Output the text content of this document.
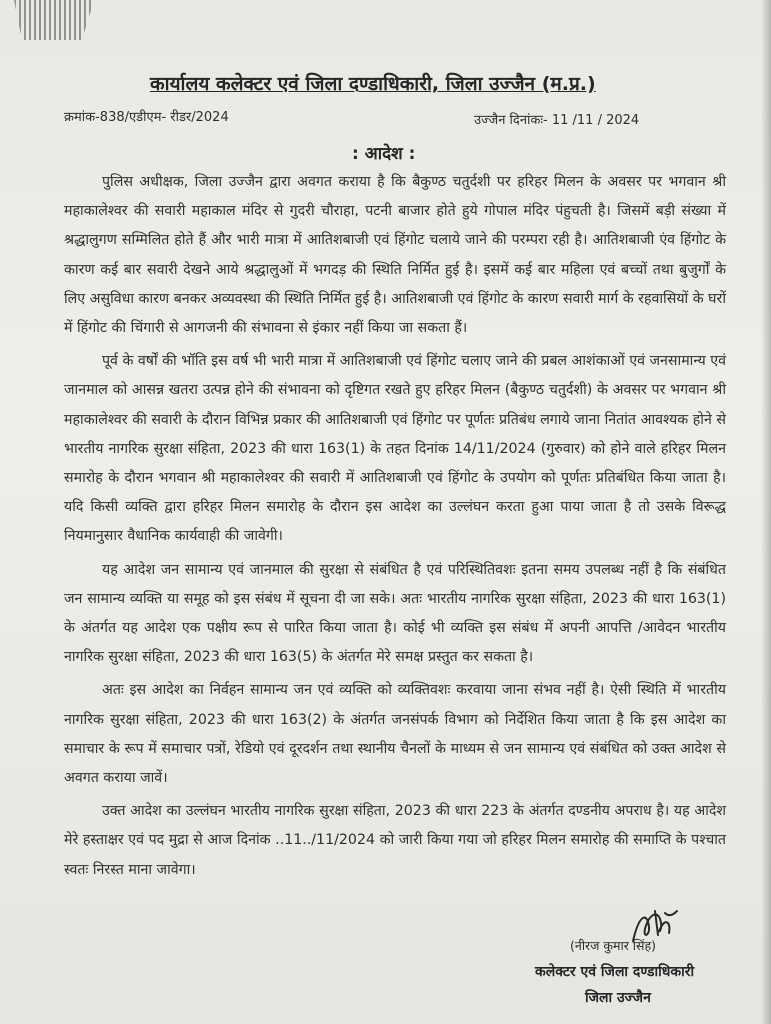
कार्यालय कलेक्टर एवं जिला दण्डाधिकारी, जिला उज्जैन (म.प्र.)
क्रमांक-838/एडीएम- रीडर/2024	उज्जैन दिनांकः- 11 /11 / 2024
: आदेश :

पुलिस अधीक्षक, जिला उज्जैन द्वारा अवगत कराया है कि बैकुण्ठ चतुर्दशी पर हरिहर मिलन के अवसर पर भगवान श्री महाकालेश्वर की सवारी महाकाल मंदिर से गुदरी चौराहा, पटनी बाजार होते हुये गोपाल मंदिर पंहुचती है। जिसमें बड़ी संख्या में श्रद्धालुगण सम्मिलित होते हैं और भारी मात्रा में आतिशबाजी एवं हिंगोट चलाये जाने की परम्परा रही है। आतिशबाजी एंव हिंगोट के कारण कई बार सवारी देखने आये श्रद्धालुओं में भगदड़ की स्थिति निर्मित हुई है। इसमें कई बार महिला एवं बच्चों तथा बुजुर्गों के लिए असुविधा कारण बनकर अव्यवस्था की स्थिति निर्मित हुई है। आतिशबाजी एवं हिंगोट के कारण सवारी मार्ग के रहवासियों के घरों में हिंगोट की चिंगारी से आगजनी की संभावना से इंकार नहीं किया जा सकता हैं।

पूर्व के वर्षों की भॉति इस वर्ष भी भारी मात्रा में आतिशबाजी एवं हिंगोट चलाए जाने की प्रबल आशंकाओं एवं जनसामान्य एवं जानमाल को आसन्न खतरा उत्पन्न होने की संभावना को दृष्टिगत रखते हुए हरिहर मिलन (बैकुण्ठ चतुर्दशी) के अवसर पर भगवान श्री महाकालेश्वर की सवारी के दौरान विभिन्न प्रकार की आतिशबाजी एवं हिंगोट पर पूर्णतः प्रतिबंध लगाये जाना नितांत आवश्यक होने से भारतीय नागरिक सुरक्षा संहिता, 2023 की धारा 163(1) के तहत दिनांक 14/11/2024 (गुरुवार) को होने वाले हरिहर मिलन समारोह के दौरान भगवान श्री महाकालेश्वर की सवारी में आतिशबाजी एवं हिंगोट के उपयोग को पूर्णतः प्रतिबंधित किया जाता है। यदि किसी व्यक्ति द्वारा हरिहर मिलन समारोह के दौरान इस आदेश का उल्लंघन करता हुआ पाया जाता है तो उसके विरूद्ध नियमानुसार वैधानिक कार्यवाही की जावेगी।

यह आदेश जन सामान्य एवं जानमाल की सुरक्षा से संबंधित है एवं परिस्थितिवशः इतना समय उपलब्ध नहीं है कि संबंधित जन सामान्य व्यक्ति या समूह को इस संबंध में सूचना दी जा सके। अतः भारतीय नागरिक सुरक्षा संहिता, 2023 की धारा 163(1) के अंतर्गत यह आदेश एक पक्षीय रूप से पारित किया जाता है। कोई भी व्यक्ति इस संबंध में अपनी आपत्ति /आवेदन भारतीय नागरिक सुरक्षा संहिता, 2023 की धारा 163(5) के अंतर्गत मेरे समक्ष प्रस्तुत कर सकता है।

अतः इस आदेश का निर्वहन सामान्य जन एवं व्यक्ति को व्यक्तिवशः करवाया जाना संभव नहीं है। ऐसी स्थिति में भारतीय नागरिक सुरक्षा संहिता, 2023 की धारा 163(2) के अंतर्गत जनसंपर्क विभाग को निर्देशित किया जाता है कि इस आदेश का समाचार के रूप में समाचार पत्रों, रेडियो एवं दूरदर्शन तथा स्थानीय चैनलों के माध्यम से जन सामान्य एवं संबंधित को उक्त आदेश से अवगत कराया जावें।

उक्त आदेश का उल्लंघन भारतीय नागरिक सुरक्षा संहिता, 2023 की धारा 223 के अंतर्गत दण्डनीय अपराध है। यह आदेश मेरे हस्ताक्षर एवं पद मुद्रा से आज दिनांक ..11../11/2024 को जारी किया गया जो हरिहर मिलन समारोह की समाप्ति के पश्चात स्वतः निरस्त माना जावेगा।

(नीरज कुमार सिंह)
कलेक्टर एवं जिला दण्डाधिकारी
जिला उज्जैन
